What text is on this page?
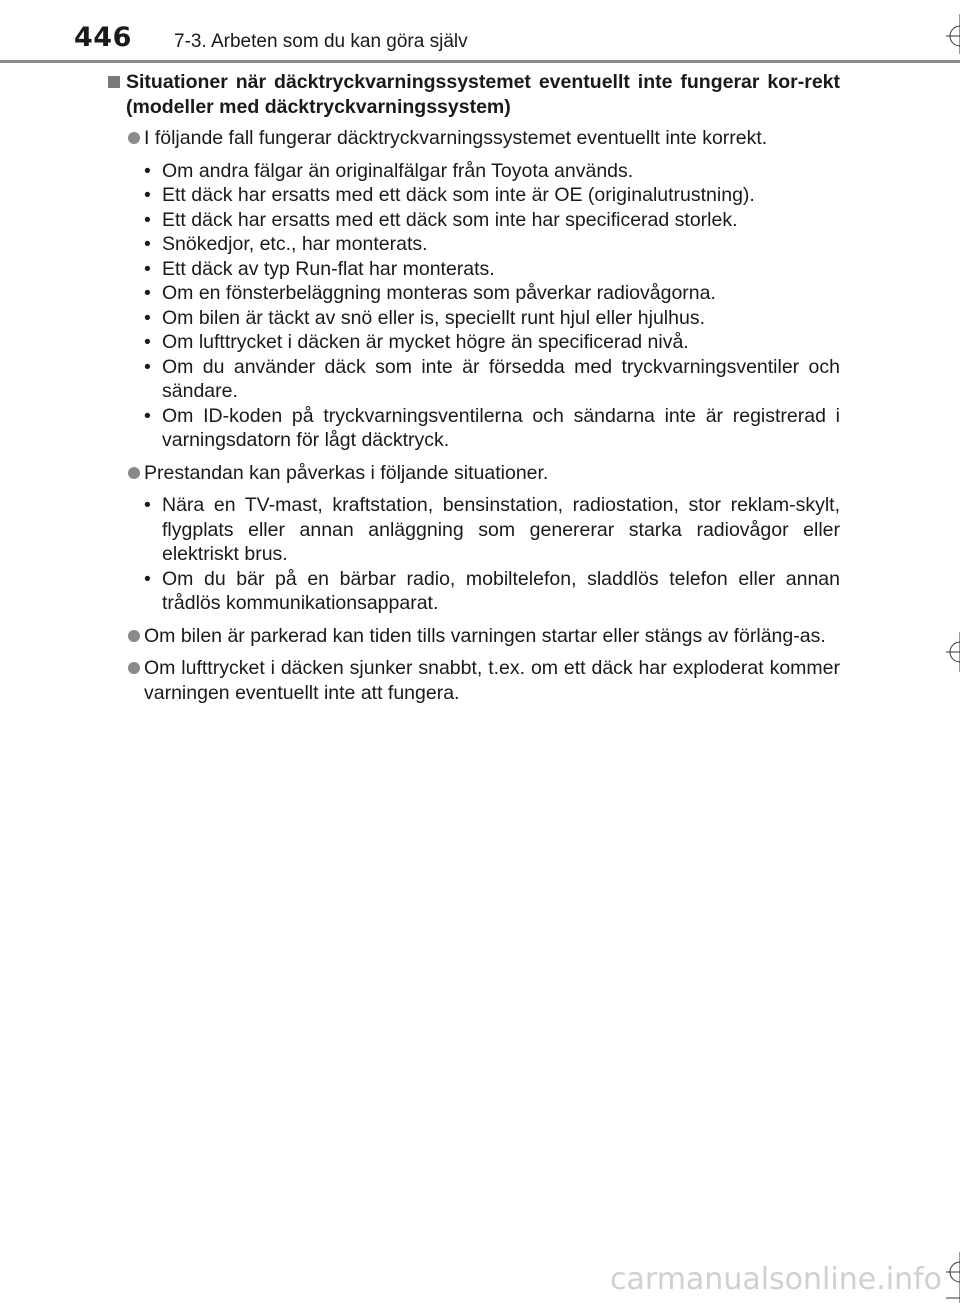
446 7-3. Arbeten som du kan göra själv
Situationer när däcktryckvarningssystemet eventuellt inte fungerar kor-rekt (modeller med däcktryckvarningssystem)
I följande fall fungerar däcktryckvarningssystemet eventuellt inte korrekt.
• Om andra fälgar än originalfälgar från Toyota används.
• Ett däck har ersatts med ett däck som inte är OE (originalutrustning).
• Ett däck har ersatts med ett däck som inte har specificerad storlek.
• Snökedjor, etc., har monterats.
• Ett däck av typ Run-flat har monterats.
• Om en fönsterbeläggning monteras som påverkar radiovågorna.
• Om bilen är täckt av snö eller is, speciellt runt hjul eller hjulhus.
• Om lufttrycket i däcken är mycket högre än specificerad nivå.
• Om du använder däck som inte är försedda med tryckvarningsventiler och sändare.
• Om ID-koden på tryckvarningsventilerna och sändarna inte är registrerad i varningsdatorn för lågt däcktryck.
Prestandan kan påverkas i följande situationer.
• Nära en TV-mast, kraftstation, bensinstation, radiostation, stor reklam-skylt, flygplats eller annan anläggning som genererar starka radiovågor eller elektriskt brus.
• Om du bär på en bärbar radio, mobiltelefon, sladdlös telefon eller annan trådlös kommunikationsapparat.
Om bilen är parkerad kan tiden tills varningen startar eller stängs av förläng-as.
Om lufttrycket i däcken sjunker snabbt, t.ex. om ett däck har exploderat kommer varningen eventuellt inte att fungera.
carmanualsonline.info
